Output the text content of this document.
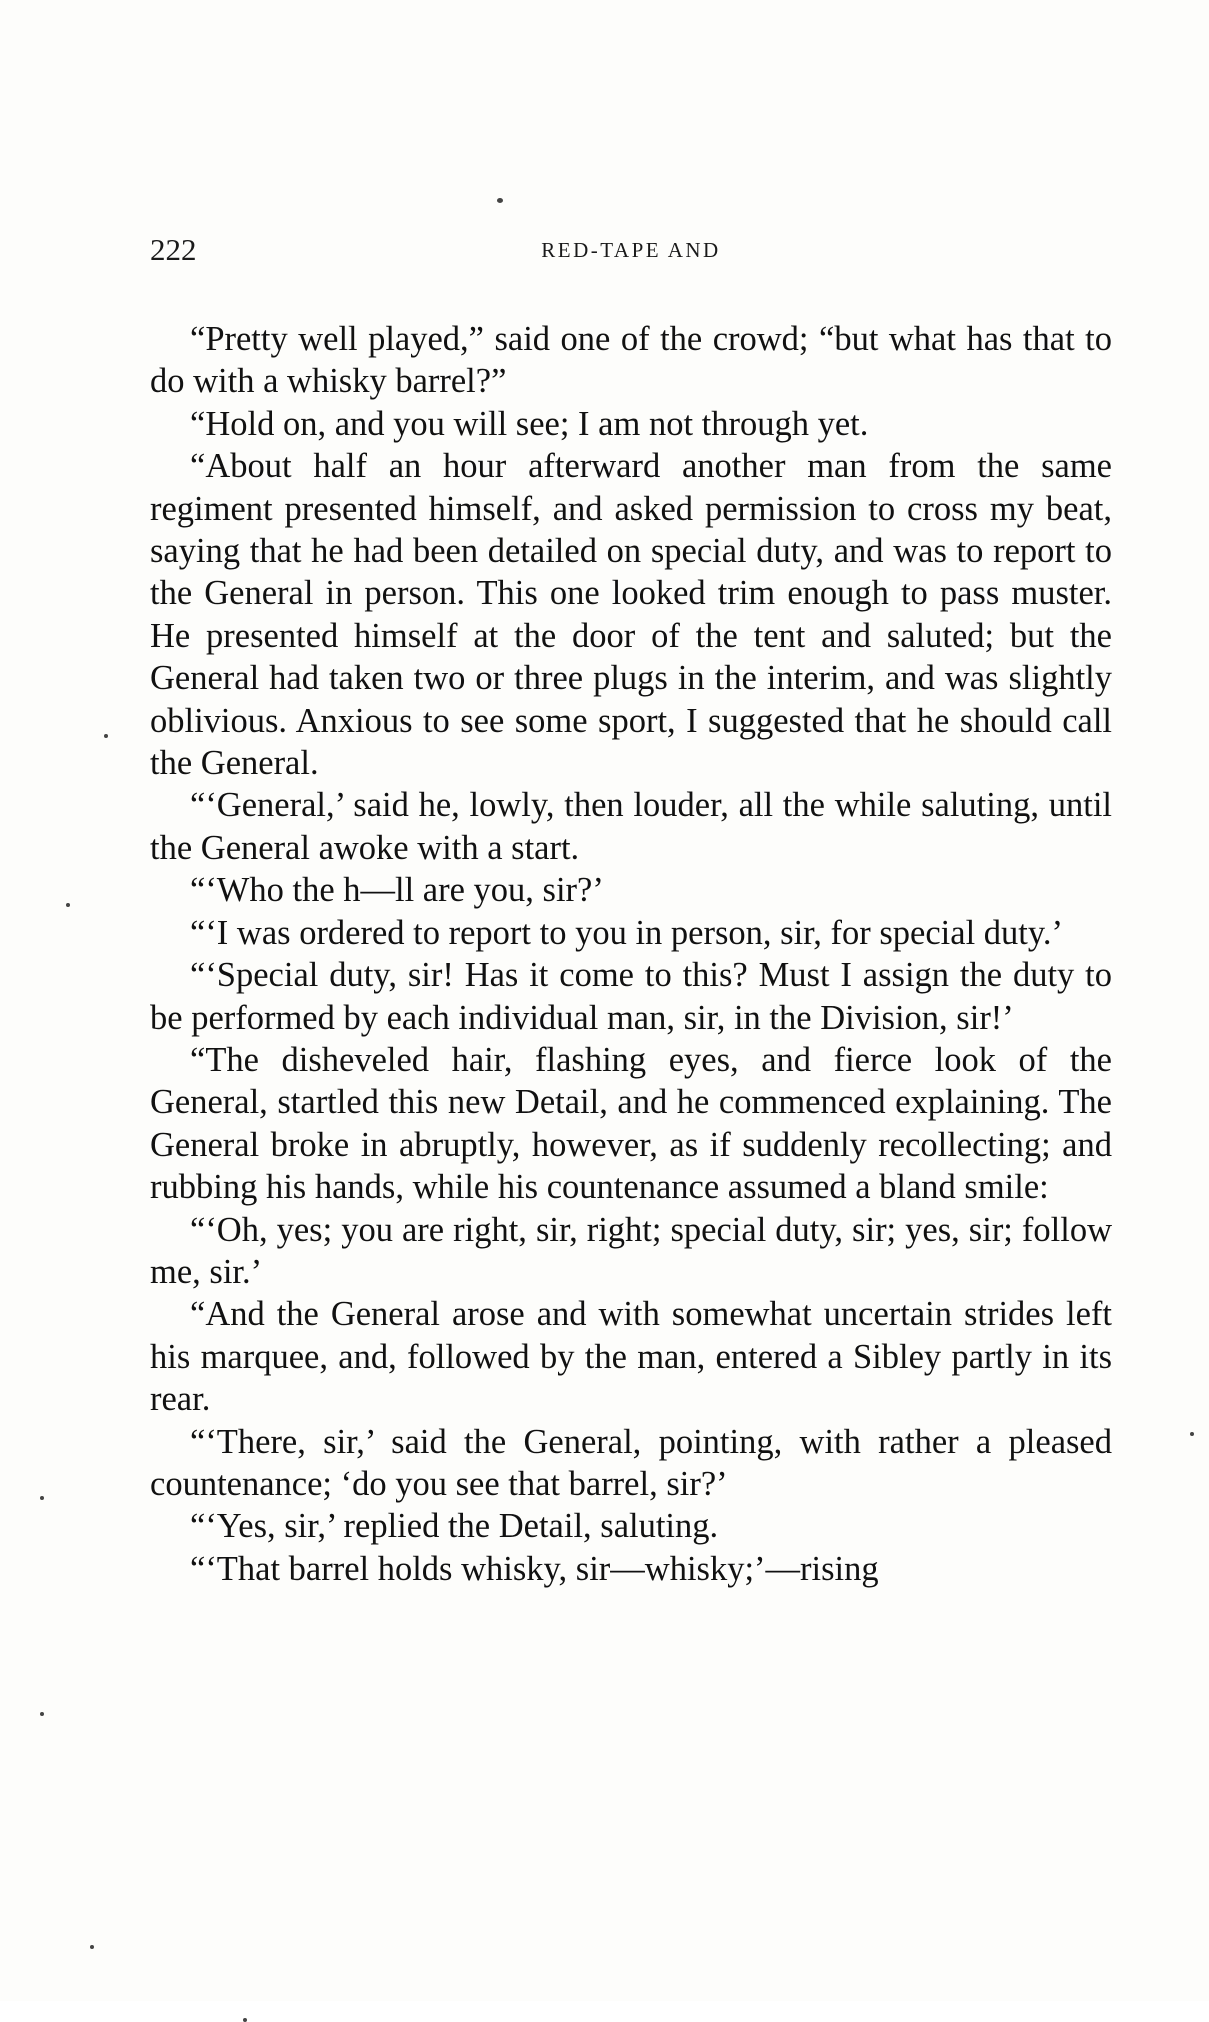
222	RED-TAPE AND

“Pretty well played,” said one of the crowd; “but what has that to do with a whisky barrel?”

“Hold on, and you will see; I am not through yet.

“About half an hour afterward another man from the same regiment presented himself, and asked permission to cross my beat, saying that he had been detailed on special duty, and was to report to the General in person. This one looked trim enough to pass muster. He presented himself at the door of the tent and saluted; but the General had taken two or three plugs in the interim, and was slightly oblivious. Anxious to see some sport, I suggested that he should call the General.

“‘General,’ said he, lowly, then louder, all the while saluting, until the General awoke with a start.

“‘Who the h—ll are you, sir?’

“‘I was ordered to report to you in person, sir, for special duty.’

“‘Special duty, sir! Has it come to this? Must I assign the duty to be performed by each individual man, sir, in the Division, sir!’

“The disheveled hair, flashing eyes, and fierce look of the General, startled this new Detail, and he commenced explaining. The General broke in abruptly, however, as if suddenly recollecting; and rubbing his hands, while his countenance assumed a bland smile:

“‘Oh, yes; you are right, sir, right; special duty, sir; yes, sir; follow me, sir.’

“And the General arose and with somewhat uncertain strides left his marquee, and, followed by the man, entered a Sibley partly in its rear.

“‘There, sir,’ said the General, pointing, with rather a pleased countenance; ‘do you see that barrel, sir?’

“‘Yes, sir,’ replied the Detail, saluting.

“‘That barrel holds whisky, sir—whisky;’—rising
